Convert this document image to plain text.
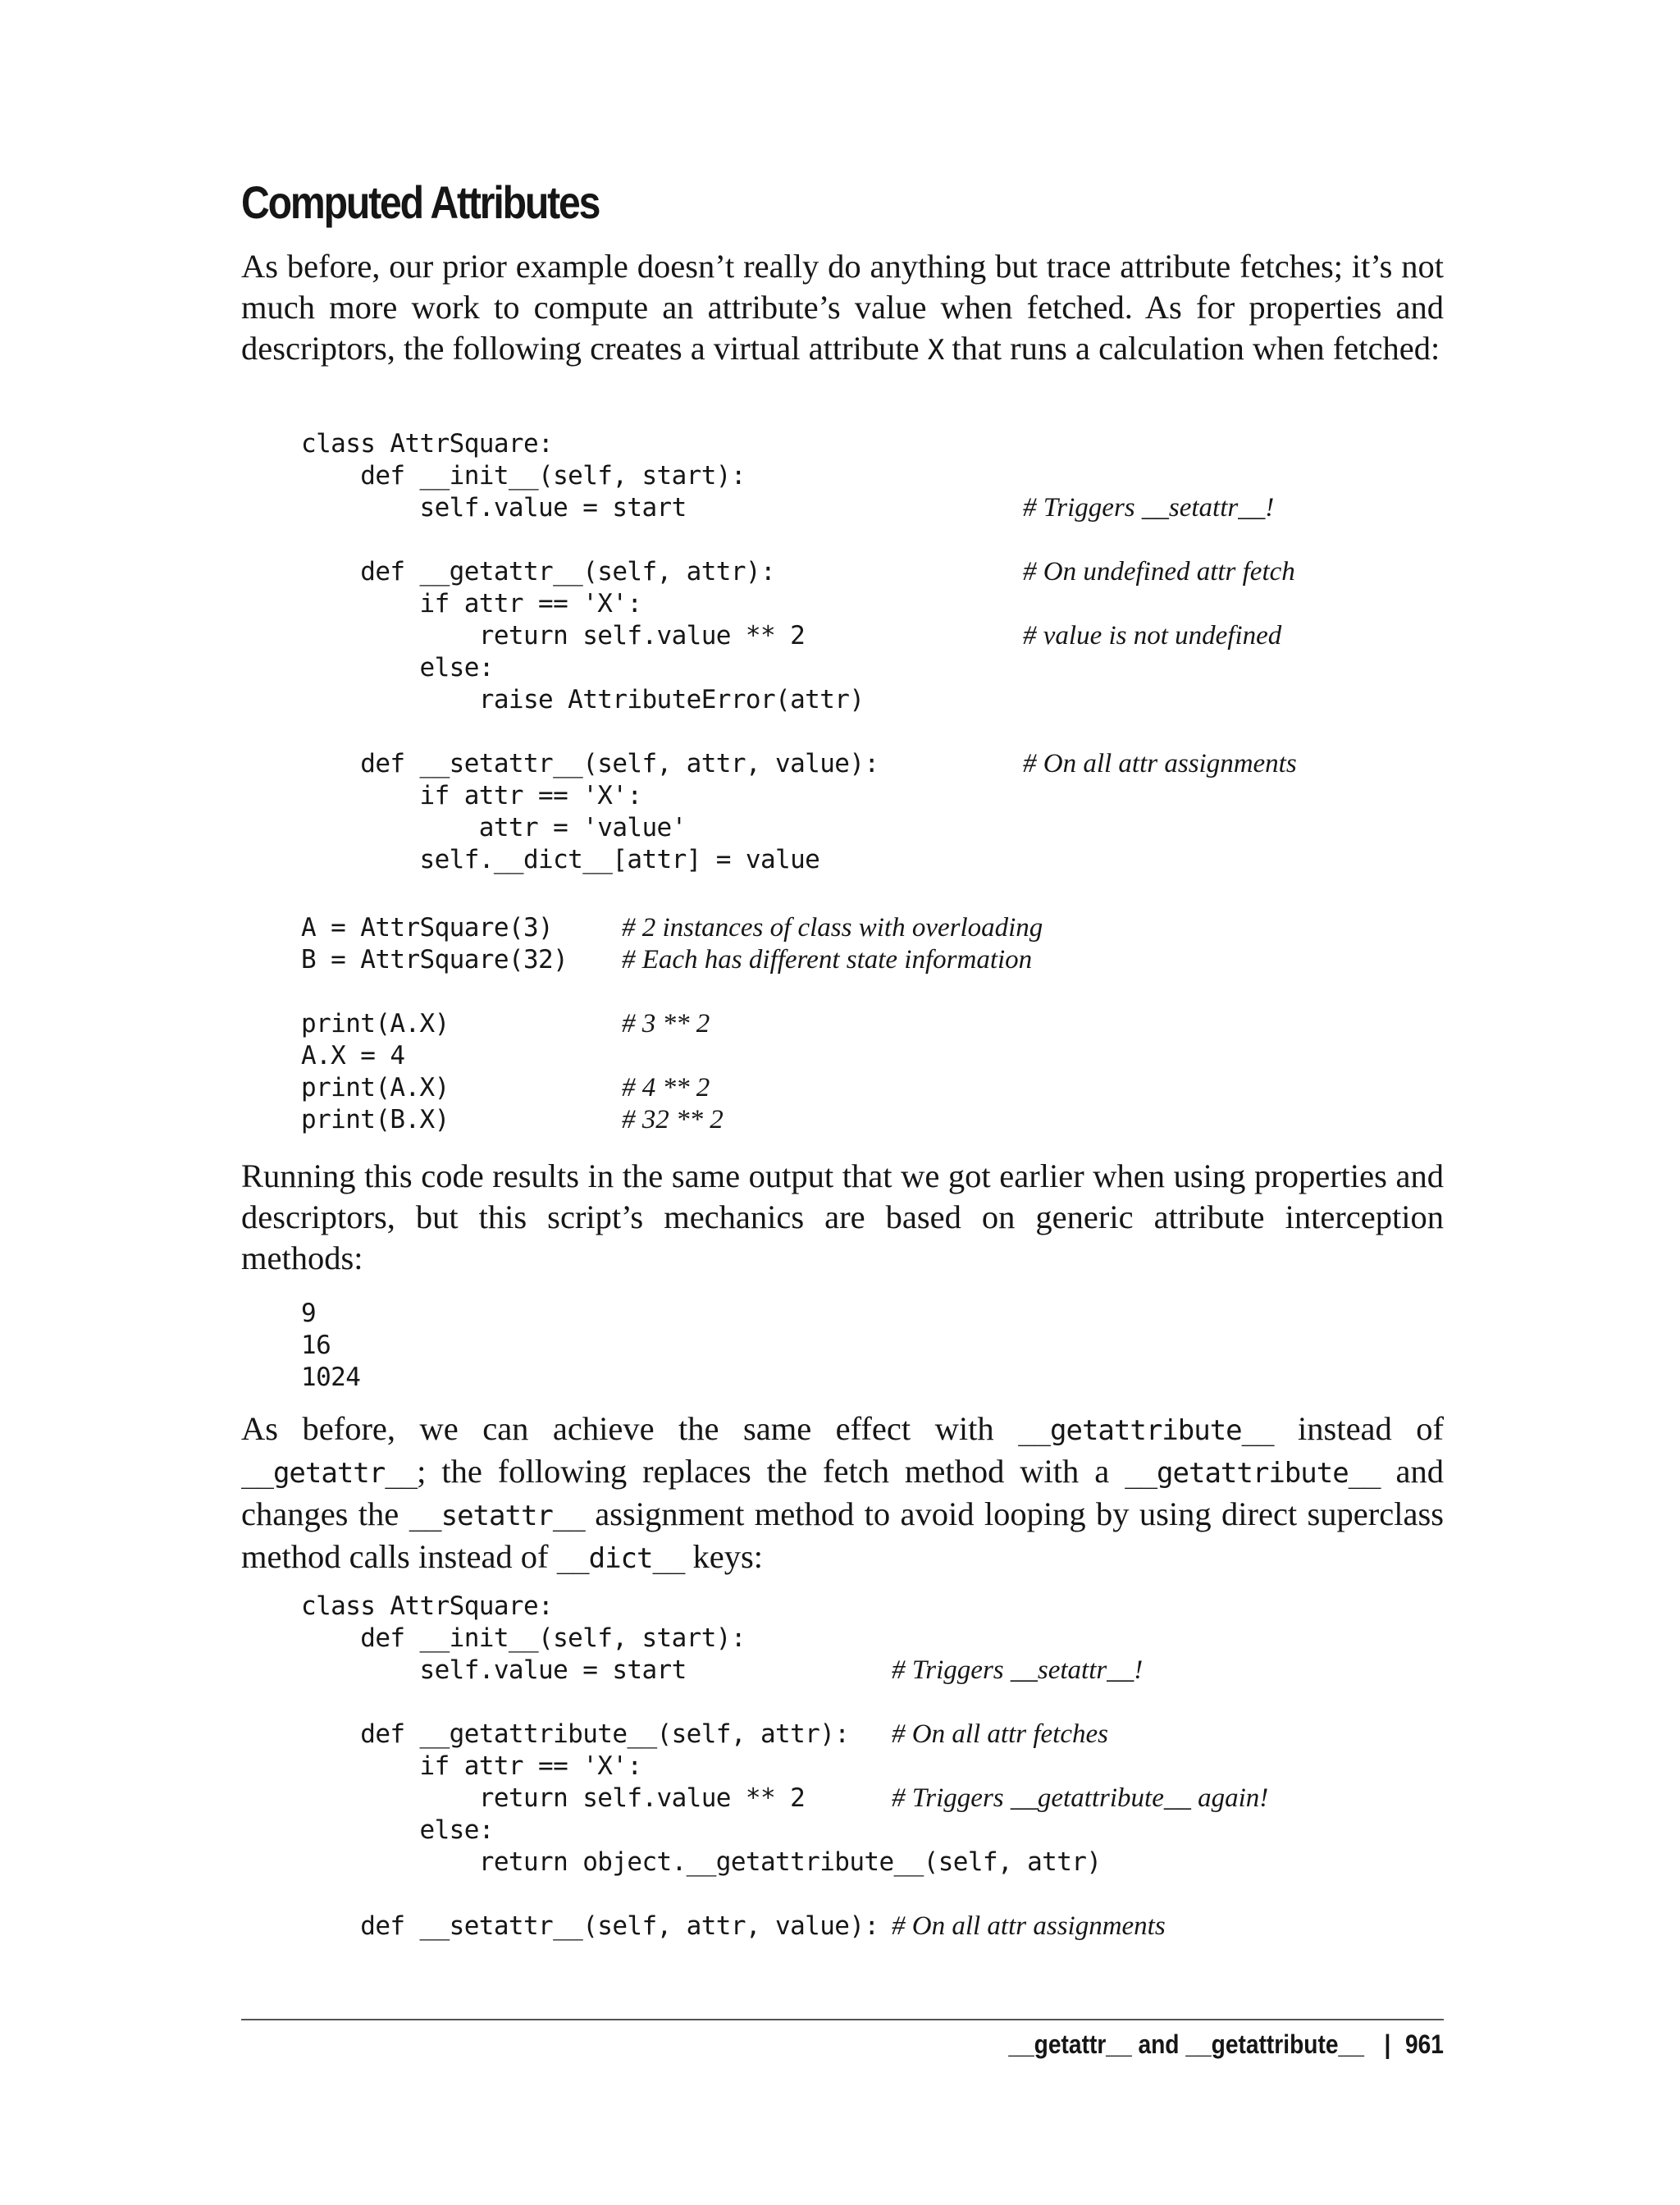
Computed Attributes

As before, our prior example doesn’t really do anything but trace attribute fetches; it’s not much more work to compute an attribute’s value when fetched. As for properties and descriptors, the following creates a virtual attribute X that runs a calculation when fetched:

class AttrSquare:
def __init__(self, start):
self.value = start	# Triggers __setattr__!
def __getattr__(self, attr):	# On undefined attr fetch
if attr == 'X':
return self.value ** 2	# value is not undefined
else:
raise AttributeError(attr)
def __setattr__(self, attr, value):	# On all attr assignments
if attr == 'X':
attr = 'value'
self.__dict__[attr] = value
A = AttrSquare(3)	# 2 instances of class with overloading
B = AttrSquare(32) # Each has different state information
print(A.X)	# 3 ** 2
A.X = 4
print(A.X)	# 4 ** 2
print(B.X)	# 32 ** 2

Running this code results in the same output that we got earlier when using properties and descriptors, but this script’s mechanics are based on generic attribute interception methods:

9
16
1024

As before, we can achieve the same effect with __getattribute__ instead of __getattr__; the following replaces the fetch method with a __getattribute__ and changes the __setattr__ assignment method to avoid looping by using direct superclass method calls instead of __dict__ keys:

class AttrSquare:
def __init__(self, start):
self.value = start	# Triggers __setattr__!
def __getattribute__(self, attr): # On all attr fetches
if attr == 'X':
return self.value ** 2	# Triggers __getattribute__ again!
else:
return object.__getattribute__(self, attr)
def __setattr__(self, attr, value): # On all attr assignments
__getattr__ and __getattribute__ | 961
